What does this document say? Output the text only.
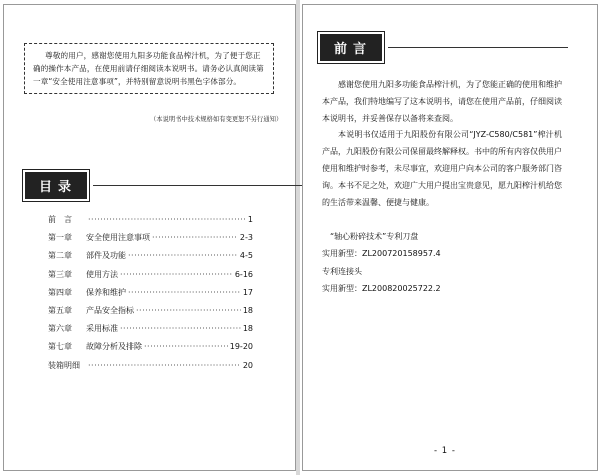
尊敬的用户，感谢您使用九阳多功能食品榨汁机，为了便于您正确的操作本产品，在使用前请仔细阅读本说明书。请务必认真阅读第一章“安全使用注意事项”，并特别留意说明书黑色字体部分。

（本说明书中技术规格如有变更恕不另行通知）
目录
前　言 ·····	1
第一章	安全使用注意事项 ·····	2-3
第二章	部件及功能 ·····	4-5
第三章	使用方法 ·····	6-16
第四章	保养和维护 ·····	17
第五章	产品安全指标 ·····	18
第六章	采用标准 ·····	18
第七章	故障分析及排除 ·····	19-20
装箱明细 ·····	20
前言

感谢您使用九阳多功能食品榨汁机，为了您能正确的使用和维护本产品，我们特地编写了这本说明书，请您在使用产品前，仔细阅读本说明书，并妥善保存以备将来查阅。

本说明书仅适用于九阳股份有限公司“JYZ-C580/C581”榨汁机产品，九阳股份有限公司保留最终解释权。书中的所有内容仅供用户使用和维护时参考，未尽事宜，欢迎用户向本公司的客户服务部门咨询。本书不足之处，欢迎广大用户提出宝贵意见，愿九阳榨汁机给您的生活带来温馨、便捷与健康。

“轴心粉碎技术”专利刀盘
实用新型：ZL200720158957.4
专利连接头
实用新型：ZL200820025722.2
- 1 -
